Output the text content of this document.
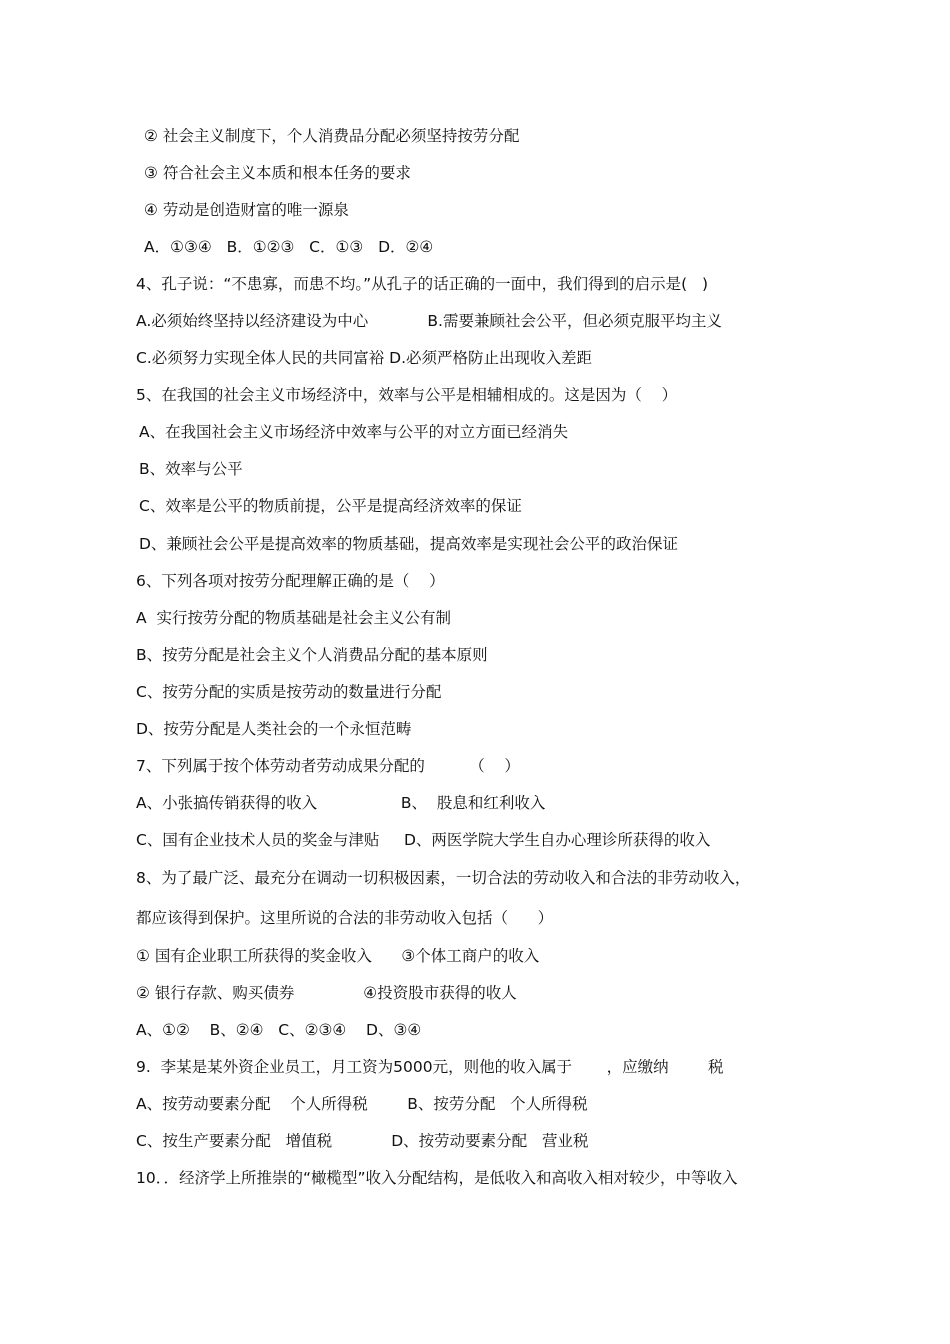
② 社会主义制度下，个人消费品分配必须坚持按劳分配
③ 符合社会主义本质和根本任务的要求
④ 劳动是创造财富的唯一源泉
A．①③④   B．①②③   C．①③   D．②④
4、孔子说：“不患寡，而患不均。”从孔子的话正确的一面中，我们得到的启示是(   )
A.必须始终坚持以经济建设为中心            B.需要兼顾社会公平，但必须克服平均主义
C.必须努力实现全体人民的共同富裕 D.必须严格防止出现收入差距
5、在我国的社会主义市场经济中，效率与公平是相辅相成的。这是因为（    ）
A、在我国社会主义市场经济中效率与公平的对立方面已经消失
B、效率与公平
C、效率是公平的物质前提，公平是提高经济效率的保证
D、兼顾社会公平是提高效率的物质基础，提高效率是实现社会公平的政治保证
6、下列各项对按劳分配理解正确的是（    ）
A  实行按劳分配的物质基础是社会主义公有制
B、按劳分配是社会主义个人消费品分配的基本原则
C、按劳分配的实质是按劳动的数量进行分配
D、按劳分配是人类社会的一个永恒范畴
7、下列属于按个体劳动者劳动成果分配的         （    ）
A、小张搞传销获得的收入                 B、  股息和红利收入
C、国有企业技术人员的奖金与津贴     D、两医学院大学生自办心理诊所获得的收入
8、为了最广泛、最充分在调动一切积极因素，一切合法的劳动收入和合法的非劳动收入，
都应该得到保护。这里所说的合法的非劳动收入包括（      ）
① 国有企业职工所获得的奖金收入      ③个体工商户的收入
② 银行存款、购买债券              ④投资股市获得的收人
A、①②    B、②④   C、②③④    D、③④
9.  李某是某外资企业员工，月工资为5000元，则他的收入属于       ，应缴纳        税
A、按劳动要素分配    个人所得税        B、按劳分配   个人所得税
C、按生产要素分配   增值税            D、按劳动要素分配   营业税
10．．经济学上所推崇的“橄榄型”收入分配结构，是低收入和高收入相对较少，中等收入
